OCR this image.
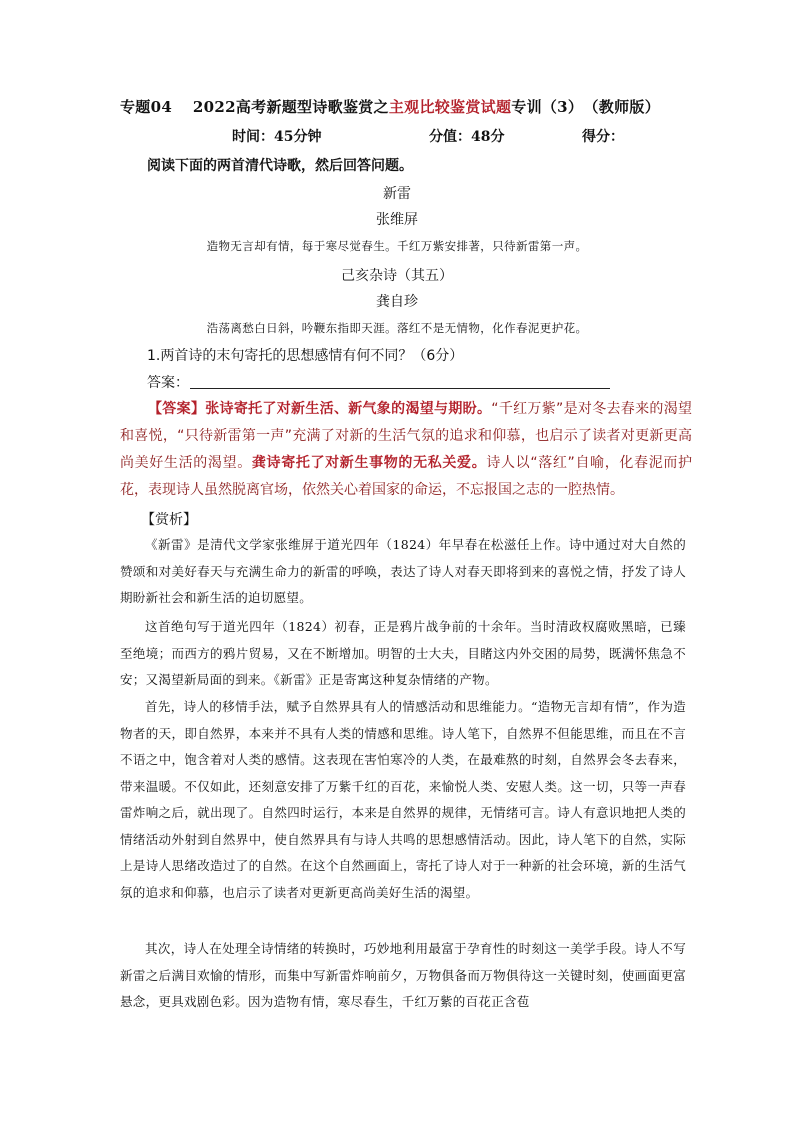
专题04　 2022高考新题型诗歌鉴赏之主观比较鉴赏试题专训（3）　（教师版）
时间：45分钟	分值：48分	得分：
阅读下面的两首清代诗歌，然后回答问题。
新雷
张维屏
造物无言却有情，每于寒尽觉春生。千红万紫安排著，只待新雷第一声。
己亥杂诗（其五）
龚自珍
浩荡离愁白日斜，吟鞭东指即天涯。落红不是无情物，化作春泥更护花。
1.两首诗的末句寄托的思想感情有何不同？（6分）
答案：
【答案】张诗寄托了对新生活、新气象的渴望与期盼。“千红万紫”是对冬去春来的渴望和喜悦，“只待新雷第一声”充满了对新的生活气氛的追求和仰慕，也启示了读者对更新更高尚美好生活的渴望。龚诗寄托了对新生事物的无私关爱。诗人以“落红”自喻，化春泥而护花，表现诗人虽然脱离官场，依然关心着国家的命运，不忘报国之志的一腔热情。
【赏析】
《新雷》是清代文学家张维屏于道光四年（1824）年早春在松滋任上作。诗中通过对大自然的赞颂和对美好春天与充满生命力的新雷的呼唤，表达了诗人对春天即将到来的喜悦之情，抒发了诗人期盼新社会和新生活的迫切愿望。
这首绝句写于道光四年（1824）初春，正是鸦片战争前的十余年。当时清政权腐败黑暗，已臻至绝境；而西方的鸦片贸易，又在不断增加。明智的士大夫，目睹这内外交困的局势，既满怀焦急不安；又渴望新局面的到来。《新雷》正是寄寓这种复杂情绪的产物。
首先，诗人的移情手法，赋予自然界具有人的情感活动和思维能力。“造物无言却有情”，作为造物者的天，即自然界，本来并不具有人类的情感和思维。诗人笔下，自然界不但能思维，而且在不言不语之中，饱含着对人类的感情。这表现在害怕寒冷的人类，在最难熬的时刻，自然界会冬去春来，带来温暖。不仅如此，还刻意安排了万紫千红的百花，来愉悦人类、安慰人类。这一切，只等一声春雷炸响之后，就出现了。自然四时运行，本来是自然界的规律，无情绪可言。诗人有意识地把人类的情绪活动外射到自然界中，使自然界具有与诗人共鸣的思想感情活动。因此，诗人笔下的自然，实际上是诗人思绪改造过了的自然。在这个自然画面上，寄托了诗人对于一种新的社会环境，新的生活气氛的追求和仰慕，也启示了读者对更新更高尚美好生活的渴望。
其次，诗人在处理全诗情绪的转换时，巧妙地利用最富于孕育性的时刻这一美学手段。诗人不写新雷之后满目欢愉的情形，而集中写新雷炸响前夕，万物俱备而万物俱待这一关键时刻，使画面更富悬念，更具戏剧色彩。因为造物有情，寒尽春生，千红万紫的百花正含苞
